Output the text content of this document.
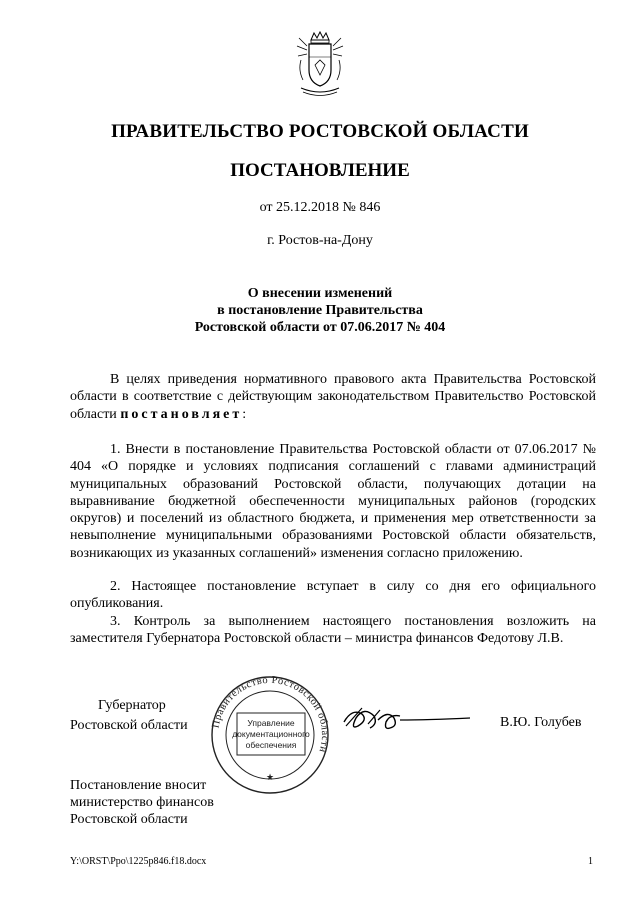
ПРАВИТЕЛЬСТВО РОСТОВСКОЙ ОБЛАСТИ
ПОСТАНОВЛЕНИЕ
от 25.12.2018 № 846
г. Ростов-на-Дону
О внесении изменений
в постановление Правительства
Ростовской области от 07.06.2017 № 404
В целях приведения нормативного правового акта Правительства Ростовской области в соответствие с действующим законодательством Правительство Ростовской области постановляет:
1. Внести в постановление Правительства Ростовской области от 07.06.2017 № 404 «О порядке и условиях подписания соглашений с главами администраций муниципальных образований Ростовской области, получающих дотации на выравнивание бюджетной обеспеченности муниципальных районов (городских округов) и поселений из областного бюджета, и применения мер ответственности за невыполнение муниципальными образованиями Ростовской области обязательств, возникающих из указанных соглашений» изменения согласно приложению.
2. Настоящее постановление вступает в силу со дня его официального опубликования.
3. Контроль за выполнением настоящего постановления возложить на заместителя Губернатора Ростовской области – министра финансов Федотову Л.В.
Губернатор
Ростовской области Правительство Ростовской области
Управление
документационного
обеспечения
★
В.Ю. Голубев
Постановление вносит
министерство финансов
Ростовской области
Y:\ORST\Ppo\1225p846.f18.docx	1
